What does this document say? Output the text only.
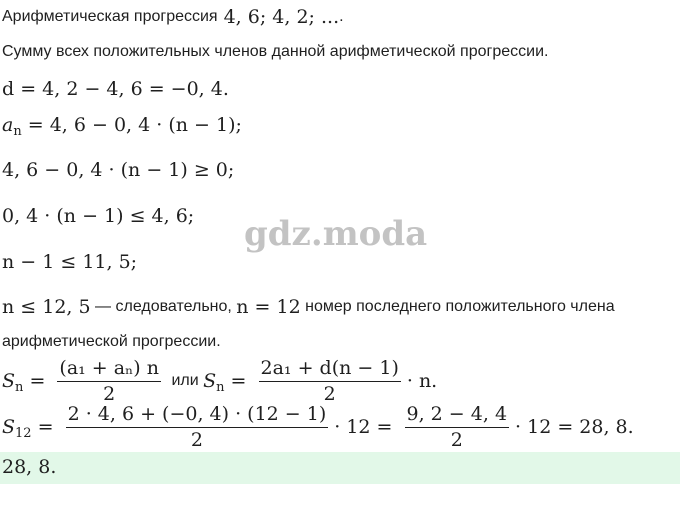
Арифметическая прогрессия 4, 6; 4, 2; ... .
Сумму всех положительных членов данной арифметической прогрессии.
d = 4, 2 − 4, 6 = −0, 4.
$a_n = 4$, 6 − 0, 4 · (n − 1);
4, 6 − 0, 4 · (n − 1) ≥ 0;
0, 4 · (n − 1) ≤ 4, 6;
n − 1 ≤ 11, 5;
gdz.moda
n ≤ 12, 5 — следовательно, n = 12 номер последнего положительного члена
арифметической прогрессии.
$S_n = \frac{\text{(a₁ + aₙ) n}}{2}$ или $S_n = \frac{\text{2a₁ + d(n − 1)}}{2} \cdot n$.
$S_{12} = \frac{2 \cdot 4, 6 + (-0, 4) \cdot (12 - 1)}{2} \cdot 12 = \frac{9, 2 - 4, 4}{2} \cdot 12 = 28$, 8.
28, 8.
